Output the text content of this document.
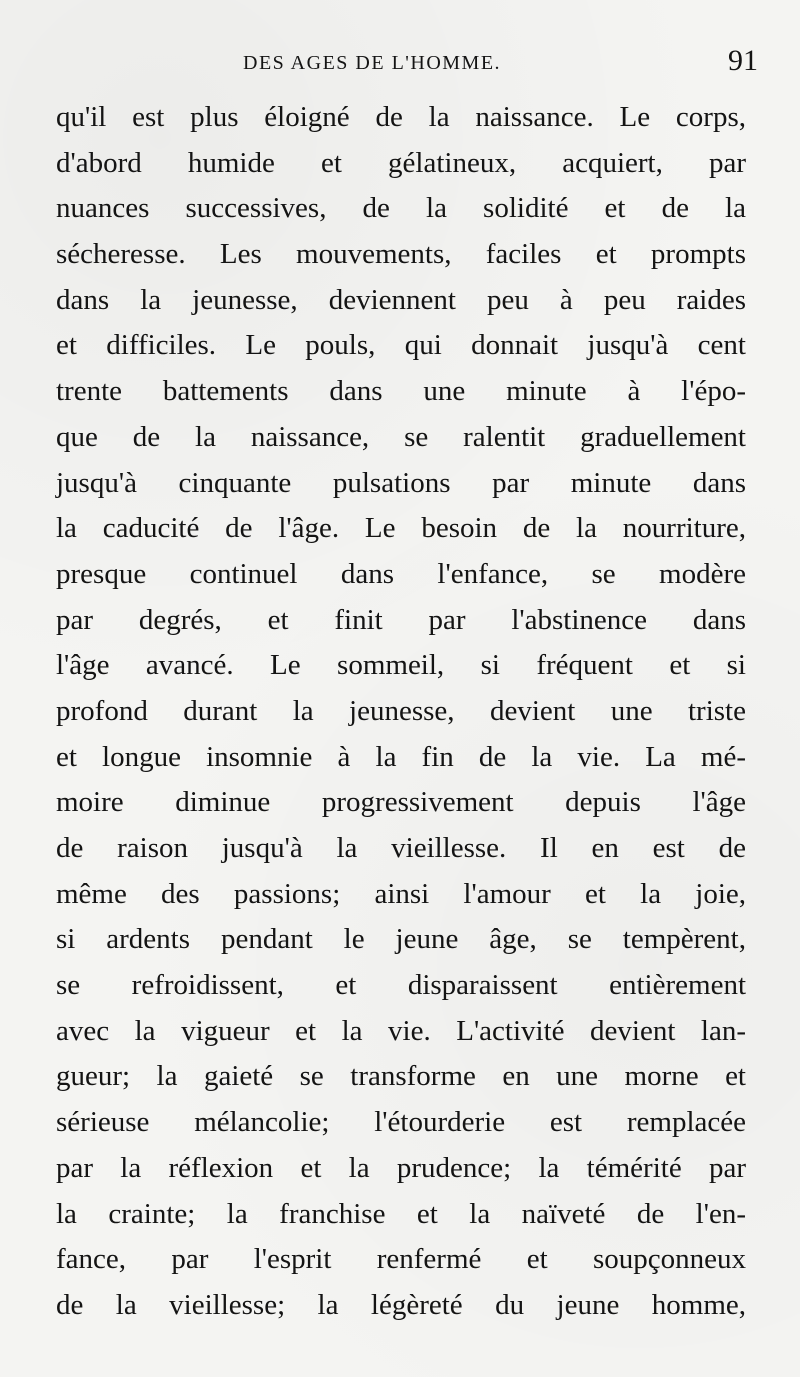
DES AGES DE L'HOMME.	91
qu'il est plus éloigné de la naissance. Le corps,
d'abord humide et gélatineux, acquiert, par
nuances successives, de la solidité et de la
sécheresse. Les mouvements, faciles et prompts
dans la jeunesse, deviennent peu à peu raides
et difficiles. Le pouls, qui donnait jusqu'à cent
trente battements dans une minute à l'épo-
que de la naissance, se ralentit graduellement
jusqu'à cinquante pulsations par minute dans
la caducité de l'âge. Le besoin de la nourriture,
presque continuel dans l'enfance, se modère
par degrés, et finit par l'abstinence dans
l'âge avancé. Le sommeil, si fréquent et si
profond durant la jeunesse, devient une triste
et longue insomnie à la fin de la vie. La mé-
moire diminue progressivement depuis l'âge
de raison jusqu'à la vieillesse. Il en est de
même des passions; ainsi l'amour et la joie,
si ardents pendant le jeune âge, se tempèrent,
se refroidissent, et disparaissent entièrement
avec la vigueur et la vie. L'activité devient lan-
gueur; la gaieté se transforme en une morne et
sérieuse mélancolie; l'étourderie est remplacée
par la réflexion et la prudence; la témérité par
la crainte; la franchise et la naïveté de l'en-
fance, par l'esprit renfermé et soupçonneux
de la vieillesse; la légèreté du jeune homme,
